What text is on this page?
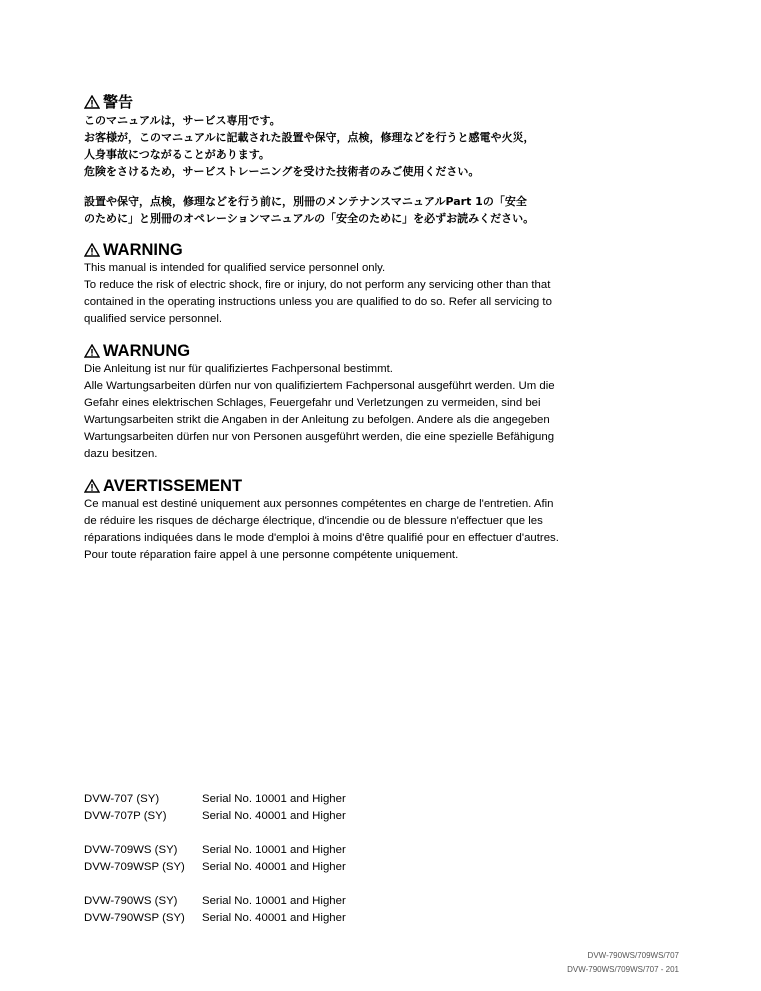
警告
このマニュアルは，サービス専用です。
お客様が，このマニュアルに記載された設置や保守，点検，修理などを行うと感電や火災，
人身事故につながることがあります。
危険をさけるため，サービストレーニングを受けた技術者のみご使用ください。
設置や保守，点検，修理などを行う前に，別冊のメンテナンスマニュアルPart 1の「安全
のために」と別冊のオペレーションマニュアルの「安全のために」を必ずお読みください。
WARNING
This manual is intended for qualified service personnel only.
To reduce the risk of electric shock, fire or injury, do not perform any servicing other than that
contained in the operating instructions unless you are qualified to do so. Refer all servicing to
qualified service personnel.
WARNUNG
Die Anleitung ist nur für qualifiziertes Fachpersonal bestimmt.
Alle Wartungsarbeiten dürfen nur von qualifiziertem Fachpersonal ausgeführt werden. Um die
Gefahr eines elektrischen Schlages, Feuergefahr und Verletzungen zu vermeiden, sind bei
Wartungsarbeiten strikt die Angaben in der Anleitung zu befolgen. Andere als die angegeben
Wartungsarbeiten dürfen nur von Personen ausgeführt werden, die eine spezielle Befähigung
dazu besitzen.
AVERTISSEMENT
Ce manual est destiné uniquement aux personnes compétentes en charge de l'entretien. Afin
de réduire les risques de décharge électrique, d'incendie ou de blessure n'effectuer que les
réparations indiquées dans le mode d'emploi à moins d'être qualifié pour en effectuer d'autres.
Pour toute réparation faire appel à une personne compétente uniquement.
DVW-707 (SY)	Serial No. 10001 and Higher
DVW-707P (SY)	Serial No. 40001 and Higher
DVW-709WS (SY)	Serial No. 10001 and Higher
DVW-709WSP (SY)	Serial No. 40001 and Higher
DVW-790WS (SY)	Serial No. 10001 and Higher
DVW-790WSP (SY)	Serial No. 40001 and Higher
DVW-790WS/709WS/707
DVW-790WS/709WS/707 - 201
